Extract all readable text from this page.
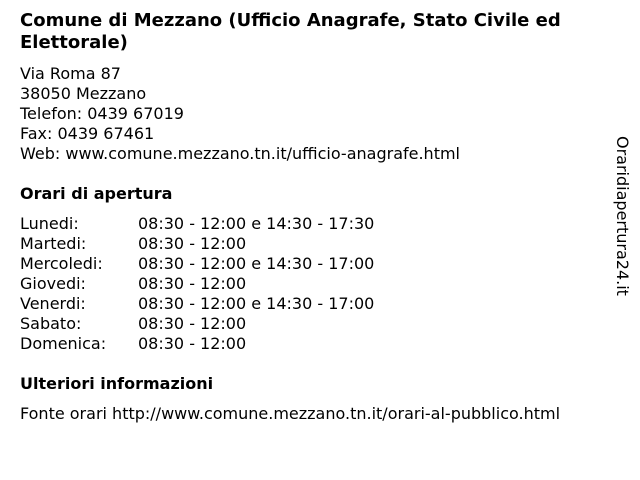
Comune di Mezzano (Ufficio Anagrafe, Stato Civile ed Elettorale)
Via Roma 87
38050 Mezzano
Telefon: 0439 67019
Fax: 0439 67461
Web: www.comune.mezzano.tn.it/ufficio-anagrafe.html
Orari di apertura
Lunedi:	08:30 - 12:00 e 14:30 - 17:30
Martedi:	08:30 - 12:00
Mercoledi:	08:30 - 12:00 e 14:30 - 17:00
Giovedi:	08:30 - 12:00
Venerdi:	08:30 - 12:00 e 14:30 - 17:00
Sabato:	08:30 - 12:00
Domenica:	08:30 - 12:00
Ulteriori informazioni
Fonte orari http://www.comune.mezzano.tn.it/orari-al-pubblico.html
Oraridiapertura24.it
